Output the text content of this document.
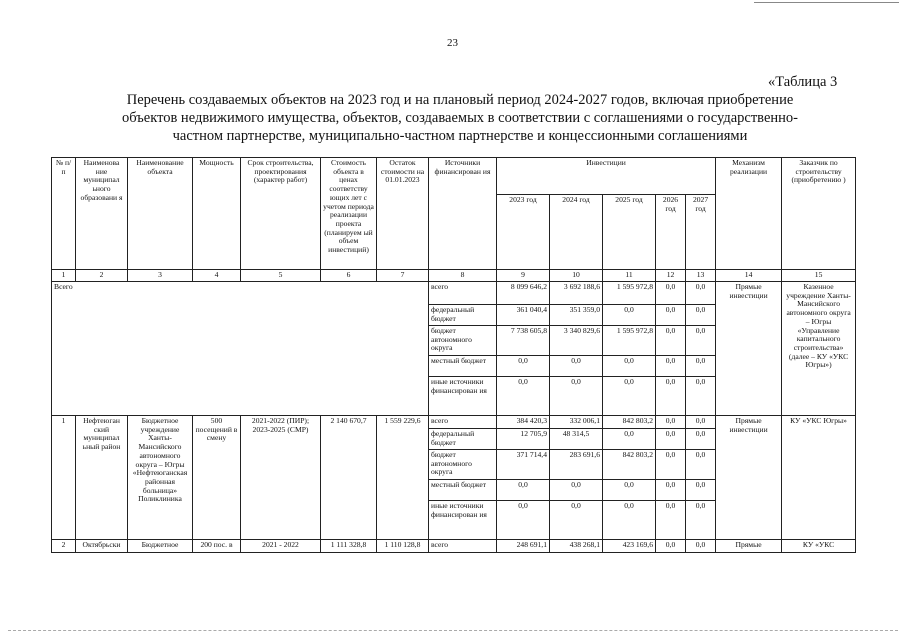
23
«Таблица 3
Перечень создаваемых объектов на 2023 год и на плановый период 2024-2027 годов, включая приобретение
объектов недвижимого имущества, объектов, создаваемых в соответствии с соглашениями о государственно-
частном партнерстве, муниципально-частном партнерстве и концессионными соглашениями
№ п/п	Наименова ние муниципал ьного образовани я	Наименование объекта	Мощность	Срок строительства, проектирования (характер работ)	Стоимость объекта в ценах соответству ющих лет с учетом периода реализации проекта (планируем ый объем инвестиций)	Остаток стоимости на 01.01.2023	Источники финансирован ия	Инвестиции					Механизм реализации	Заказчик по строительству (приобретению )
								2023 год	2024 год	2025 год	2026 год	2027 год		
1	2	3	4	5	6	7	8	9	10	11	12	13	14	15
Всего							всего	8 099 646,2	3 692 188,6	1 595 972,8	0,0	0,0	Прямые инвестиции	Казенное учреждение Ханты-Мансийского автономного округа – Югры «Управление капитального строительства» (далее – КУ «УКС Югры»)
							федеральный бюджет	361 040,4	351 359,0	0,0	0,0	0,0		
							бюджет автономного округа	7 738 605,8	3 340 829,6	1 595 972,8	0,0	0,0		
							местный бюджет	0,0	0,0	0,0	0,0	0,0		
							иные источники финансирован ия	0,0	0,0	0,0	0,0	0,0		
1	Нефтеюган ский муниципал ьный район	Бюджетное учреждение Ханты-Мансийского автономного округа – Югры «Нефтеюганская районная больница» Поликлиника	500 посещений в смену	2021-2022 (ПИР); 2023-2025 (СМР)	2 140 670,7	1 559 229,6	всего	384 420,3	332 006,1	842 803,2	0,0	0,0	Прямые инвестиции	КУ «УКС Югры»
							федеральный бюджет	12 705,9	48 314,5	0,0	0,0	0,0		
							бюджет автономного округа	371 714,4	283 691,6	842 803,2	0,0	0,0		
							местный бюджет	0,0	0,0	0,0	0,0	0,0		
							иные источники финансирован ия	0,0	0,0	0,0	0,0	0,0		
2	Октябрьски	Бюджетное	200 пос. в	2021 - 2022	1 111 328,8	1 110 128,8	всего	248 691,1	438 268,1	423 169,6	0,0	0,0	Прямые	КУ «УКС
